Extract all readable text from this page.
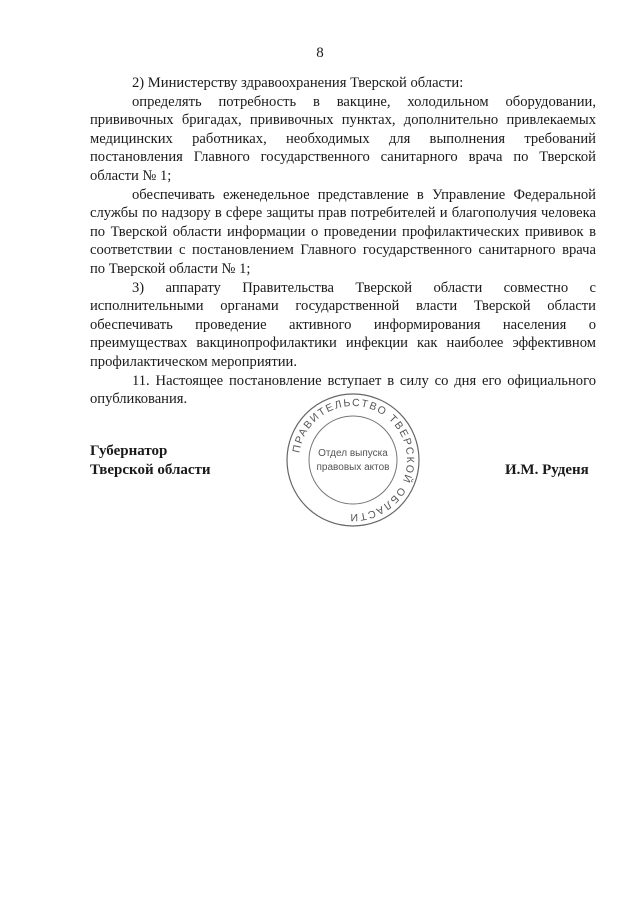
8

2) Министерству здравоохранения Тверской области:

определять потребность в вакцине, холодильном оборудовании, прививочных бригадах, прививочных пунктах, дополнительно привлекаемых медицинских работниках, необходимых для выполнения требований постановления Главного государственного санитарного врача по Тверской области № 1;

обеспечивать еженедельное представление в Управление Федеральной службы по надзору в сфере защиты прав потребителей и благополучия человека по Тверской области информации о проведении профилактических прививок в соответствии с постановлением Главного государственного санитарного врача по Тверской области № 1;

3) аппарату Правительства Тверской области совместно с исполнительными органами государственной власти Тверской области обеспечивать проведение активного информирования населения о преимуществах вакцинопрофилактики инфекции как наиболее эффективном профилактическом мероприятии.

11. Настоящее постановление вступает в силу со дня его официального опубликования.

Губернатор
Тверской области	И.М. Руденя
ПРАВИТЕЛЬСТВО ТВЕРСКОЙ ОБЛАСТИ
Отдел выпуска
правовых актов
